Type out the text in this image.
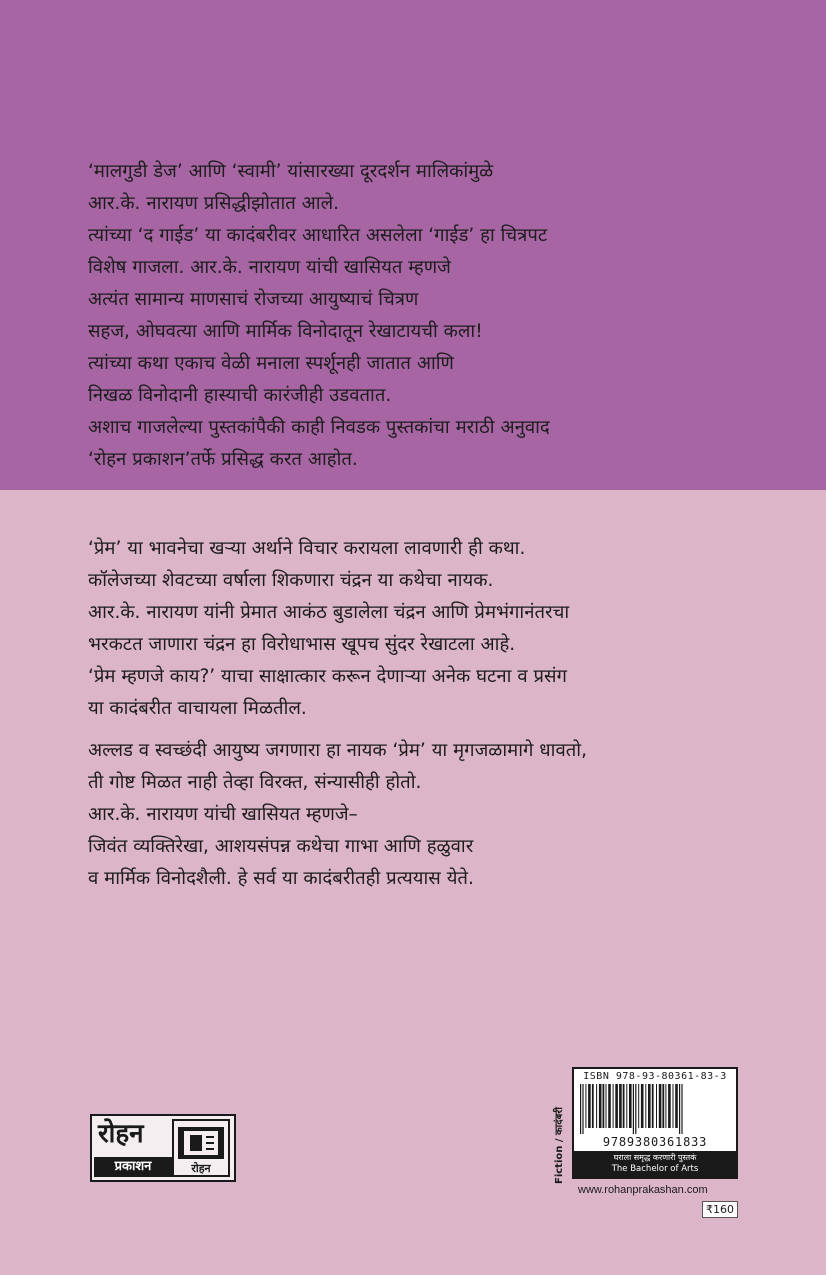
‘मालगुडी डेज’ आणि ‘स्वामी’ यांसारख्या दूरदर्शन मालिकांमुळे
आर.के. नारायण प्रसिद्धीझोतात आले.
त्यांच्या ‘द गाईड’ या कादंबरीवर आधारित असलेला ‘गाईड’ हा चित्रपट
विशेष गाजला. आर.के. नारायण यांची खासियत म्हणजे
अत्यंत सामान्य माणसाचं रोजच्या आयुष्याचं चित्रण
सहज, ओघवत्या आणि मार्मिक विनोदातून रेखाटायची कला!
त्यांच्या कथा एकाच वेळी मनाला स्पर्शूनही जातात आणि
निखळ विनोदानी हास्याची कारंजीही उडवतात.
अशाच गाजलेल्या पुस्तकांपैकी काही निवडक पुस्तकांचा मराठी अनुवाद
‘रोहन प्रकाशन’तर्फे प्रसिद्ध करत आहोत.
‘प्रेम’ या भावनेचा खऱ्या अर्थाने विचार करायला लावणारी ही कथा.
कॉलेजच्या शेवटच्या वर्षाला शिकणारा चंद्रन या कथेचा नायक.
आर.के. नारायण यांनी प्रेमात आकंठ बुडालेला चंद्रन आणि प्रेमभंगानंतरचा
भरकटत जाणारा चंद्रन हा विरोधाभास खूपच सुंदर रेखाटला आहे.
‘प्रेम म्हणजे काय?’ याचा साक्षात्कार करून देणाऱ्या अनेक घटना व प्रसंग
या कादंबरीत वाचायला मिळतील.
अल्लड व स्वच्छंदी आयुष्य जगणारा हा नायक ‘प्रेम’ या मृगजळामागे धावतो,
ती गोष्ट मिळत नाही तेव्हा विरक्त, संन्यासीही होतो.
आर.के. नारायण यांची खासियत म्हणजे–
जिवंत व्यक्तिरेखा, आशयसंपन्न कथेचा गाभा आणि हळुवार
व मार्मिक विनोदशैली. हे सर्व या कादंबरीतही प्रत्ययास येते.
रोहन
प्रकाशन	रोहन	Fiction / कादंबरी
ISBN 978-93-80361-83-3
9789380361833
घराला समृद्ध करणारी पुस्तकं
The Bachelor of Arts
www.rohanprakashan.com
₹160
